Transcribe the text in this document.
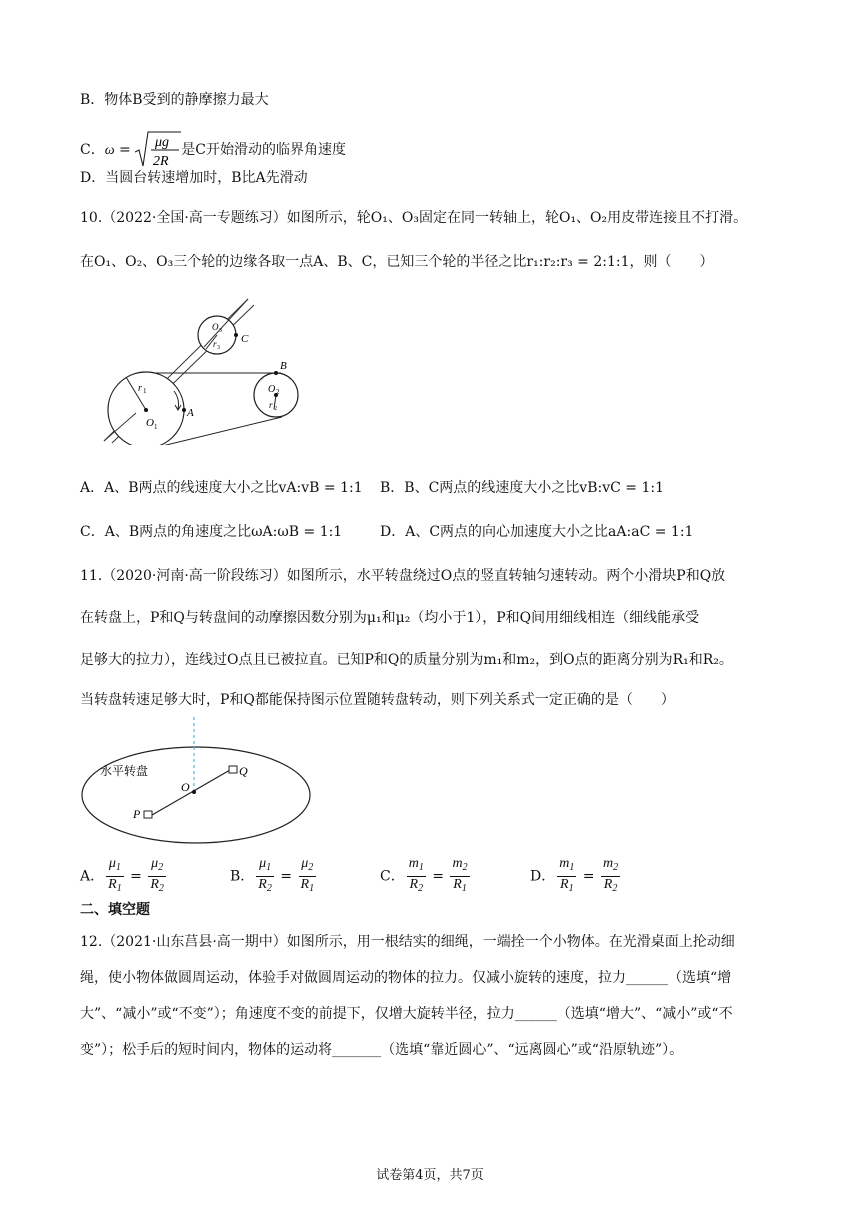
B．物体B受到的静摩擦力最大
C．ω = μg
2R
是C开始滑动的临界角速度
D．当圆台转速增加时，B比A先滑动
10.（2022·全国·高一专题练习）如图所示，轮O₁、O₃固定在同一转轴上，轮O₁、O₂用皮带连接且不打滑。
在O₁、O₂、O₃三个轮的边缘各取一点A、B、C，已知三个轮的半径之比r₁:r₂:r₃ = 2:1:1，则（　　）
O 1
r 1
A
O 3
r 3
C
B
O 2
r 2
A．A、B两点的线速度大小之比vA:vB = 1:1 B．B、C两点的线速度大小之比vB:vC = 1:1
C．A、B两点的角速度之比ωA:ωB = 1:1	D．A、C两点的向心加速度大小之比aA:aC = 1:1
11.（2020·河南·高一阶段练习）如图所示，水平转盘绕过O点的竖直转轴匀速转动。两个小滑块P和Q放
在转盘上，P和Q与转盘间的动摩擦因数分别为μ₁和μ₂（均小于1），P和Q间用细线相连（细线能承受
足够大的拉力），连线过O点且已被拉直。已知P和Q的质量分别为m₁和m₂，到O点的距离分别为R₁和R₂。
当转盘转速足够大时，P和Q都能保持图示位置随转盘转动，则下列关系式一定正确的是（　　）
水平转盘
O
P
Q
A． $\frac{\mu_1}{R_1} = \frac{\mu_2}{R_2}$	B． $\frac{\mu_1}{R_2} = \frac{\mu_2}{R_1}$	C． $\frac{m_1}{R_2} = \frac{m_2}{R_1}$	D． $\frac{m_1}{R_1} = \frac{m_2}{R_2}$
二、填空题
12.（2021·山东莒县·高一期中）如图所示，用一根结实的细绳，一端拴一个小物体。在光滑桌面上抡动细
绳，使小物体做圆周运动，体验手对做圆周运动的物体的拉力。仅减小旋转的速度，拉力______（选填“增
大”、“减小”或“不变”）；角速度不变的前提下，仅增大旋转半径，拉力______（选填“增大”、“减小”或“不
变”）；松手后的短时间内，物体的运动将_______（选填“靠近圆心”、“远离圆心”或“沿原轨迹”）。
试卷第4页，共7页
